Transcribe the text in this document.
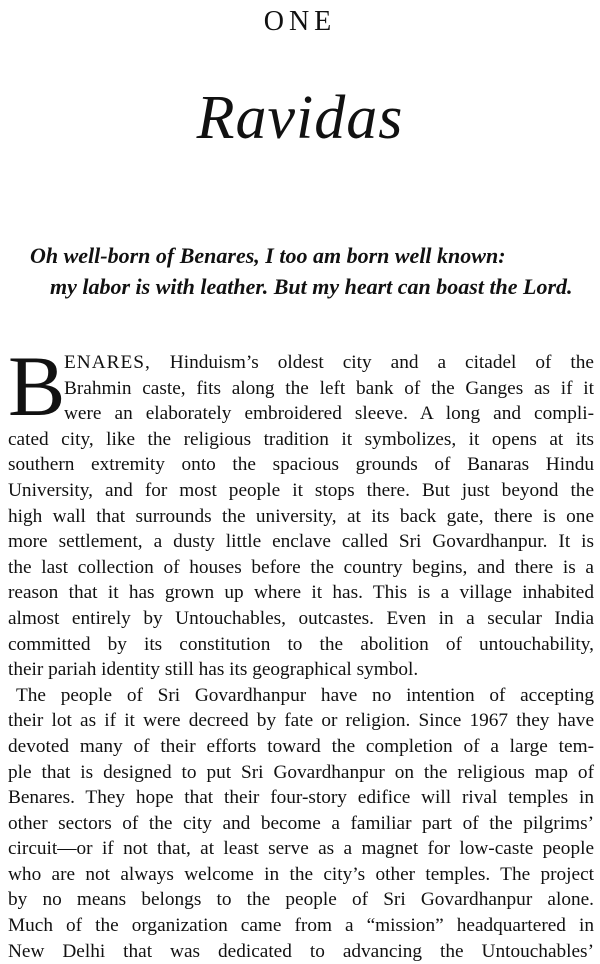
ONE
Ravidas
Oh well-born of Benares, I too am born well known:
my labor is with leather. But my heart can boast the Lord.
B
ENARES, Hinduism’s oldest city and a citadel of the
Brahmin caste, fits along the left bank of the Ganges as if it
were an elaborately embroidered sleeve. A long and compli-
cated city, like the religious tradition it symbolizes, it opens at its
southern extremity onto the spacious grounds of Banaras Hindu
University, and for most people it stops there. But just beyond the
high wall that surrounds the university, at its back gate, there is one
more settlement, a dusty little enclave called Sri Govardhanpur. It is
the last collection of houses before the country begins, and there is a
reason that it has grown up where it has. This is a village inhabited
almost entirely by Untouchables, outcastes. Even in a secular India
committed by its constitution to the abolition of untouchability,
their pariah identity still has its geographical symbol.
The people of Sri Govardhanpur have no intention of accepting
their lot as if it were decreed by fate or religion. Since 1967 they have
devoted many of their efforts toward the completion of a large tem-
ple that is designed to put Sri Govardhanpur on the religious map of
Benares. They hope that their four-story edifice will rival temples in
other sectors of the city and become a familiar part of the pilgrims’
circuit—or if not that, at least serve as a magnet for low-caste people
who are not always welcome in the city’s other temples. The project
by no means belongs to the people of Sri Govardhanpur alone.
Much of the organization came from a “mission” headquartered in
New Delhi that was dedicated to advancing the Untouchables’
